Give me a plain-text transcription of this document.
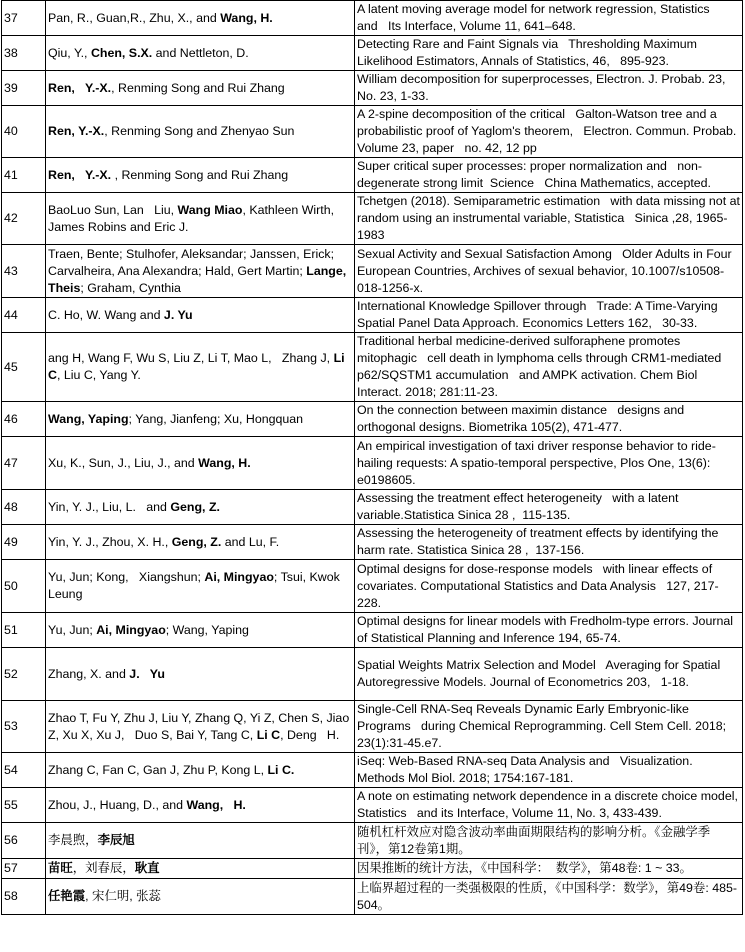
37	Pan, R., Guan,R., Zhu, X., and Wang, H.	A latent moving average model for network regression, Statistics and   Its Interface, Volume 11, 641–648.
38	Qiu, Y., Chen, S.X. and Nettleton, D.	Detecting Rare and Faint Signals via   Thresholding Maximum Likelihood Estimators, Annals of Statistics, 46,   895-923.
39	Ren,   Y.-X., Renming Song and Rui Zhang	William decomposition for superprocesses, Electron. J. Probab. 23, No. 23, 1-33.
40	Ren, Y.-X., Renming Song and Zhenyao Sun	A 2-spine decomposition of the critical   Galton-Watson tree and a probabilistic proof of Yaglom's theorem,   Electron. Commun. Probab. Volume 23, paper   no. 42, 12 pp
41	Ren,   Y.-X. , Renming Song and Rui Zhang	Super critical super processes: proper normalization and   non-degenerate strong limit  Science   China Mathematics, accepted.
42	BaoLuo Sun, Lan   Liu, Wang Miao, Kathleen Wirth,   James Robins and Eric J.	Tchetgen (2018). Semiparametric estimation   with data missing not at random using an instrumental variable, Statistica   Sinica ,28, 1965-1983
43	Traen, Bente; Stulhofer, Aleksandar; Janssen, Erick; Carvalheira, Ana Alexandra; Hald, Gert Martin; Lange, Theis; Graham, Cynthia	Sexual Activity and Sexual Satisfaction Among   Older Adults in Four European Countries, Archives of sexual behavior, 10.1007/s10508-018-1256-x.
44	C. Ho, W. Wang and J. Yu	International Knowledge Spillover through   Trade: A Time-Varying Spatial Panel Data Approach. Economics Letters 162,   30-33.
45	ang H, Wang F, Wu S, Liu Z, Li T, Mao L,   Zhang J, Li C, Liu C, Yang Y.	Traditional herbal medicine-derived sulforaphene promotes mitophagic   cell death in lymphoma cells through CRM1-mediated p62/SQSTM1 accumulation   and AMPK activation. Chem Biol Interact. 2018; 281:11-23.
46	Wang, Yaping; Yang, Jianfeng; Xu, Hongquan	On the connection between maximin distance   designs and orthogonal designs. Biometrika 105(2), 471-477.
47	Xu, K., Sun, J., Liu, J., and Wang, H.	An empirical investigation of taxi driver response behavior to ride-hailing requests: A spatio-temporal perspective, Plos One, 13(6):   e0198605.
48	Yin, Y. J., Liu, L.   and Geng, Z.	Assessing the treatment effect heterogeneity   with a latent variable.Statistica Sinica 28 ,  115-135.
49	Yin, Y. J., Zhou, X. H., Geng, Z. and Lu, F.	Assessing the heterogeneity of treatment effects by identifying the   harm rate. Statistica Sinica 28 ,  137-156.
50	Yu, Jun; Kong,   Xiangshun; Ai, Mingyao; Tsui, Kwok   Leung	Optimal designs for dose-response models   with linear effects of covariates. Computational Statistics and Data Analysis   127, 217-228.
51	Yu, Jun; Ai, Mingyao; Wang, Yaping	Optimal designs for linear models with Fredholm-type errors. Journal   of Statistical Planning and Inference 194, 65-74.
52	Zhang, X. and J.   Yu	Spatial Weights Matrix Selection and Model   Averaging for Spatial Autoregressive Models. Journal of Econometrics 203,   1-18.
53	Zhao T, Fu Y, Zhu J, Liu Y, Zhang Q, Yi Z, Chen S, Jiao Z, Xu X, Xu J,   Duo S, Bai Y, Tang C, Li C, Deng   H.	Single-Cell RNA-Seq Reveals Dynamic Early Embryonic-like Programs   during Chemical Reprogramming. Cell Stem Cell. 2018; 23(1):31-45.e7.
54	Zhang C, Fan C, Gan J, Zhu P, Kong L, Li C.	iSeq: Web-Based RNA-seq Data Analysis and   Visualization. Methods Mol Biol. 2018; 1754:167-181.
55	Zhou, J., Huang, D., and Wang,   H.	A note on estimating network dependence in a discrete choice model, Statistics   and its Interface, Volume 11, No. 3, 433-439.
56	李晨煦，李辰旭	随机杠杆效应对隐含波动率曲面期限结构的影响分析。《金融学季刊》，第12卷第1期。
57	苗旺，刘春辰，耿直	因果推断的统计方法，《中国科学：  数学》，第48卷: 1 ~ 33。
58	任艳霞, 宋仁明, 张蕊	上临界超过程的一类强极限的性质，《中国科学：数学》，第49卷: 485-504。
